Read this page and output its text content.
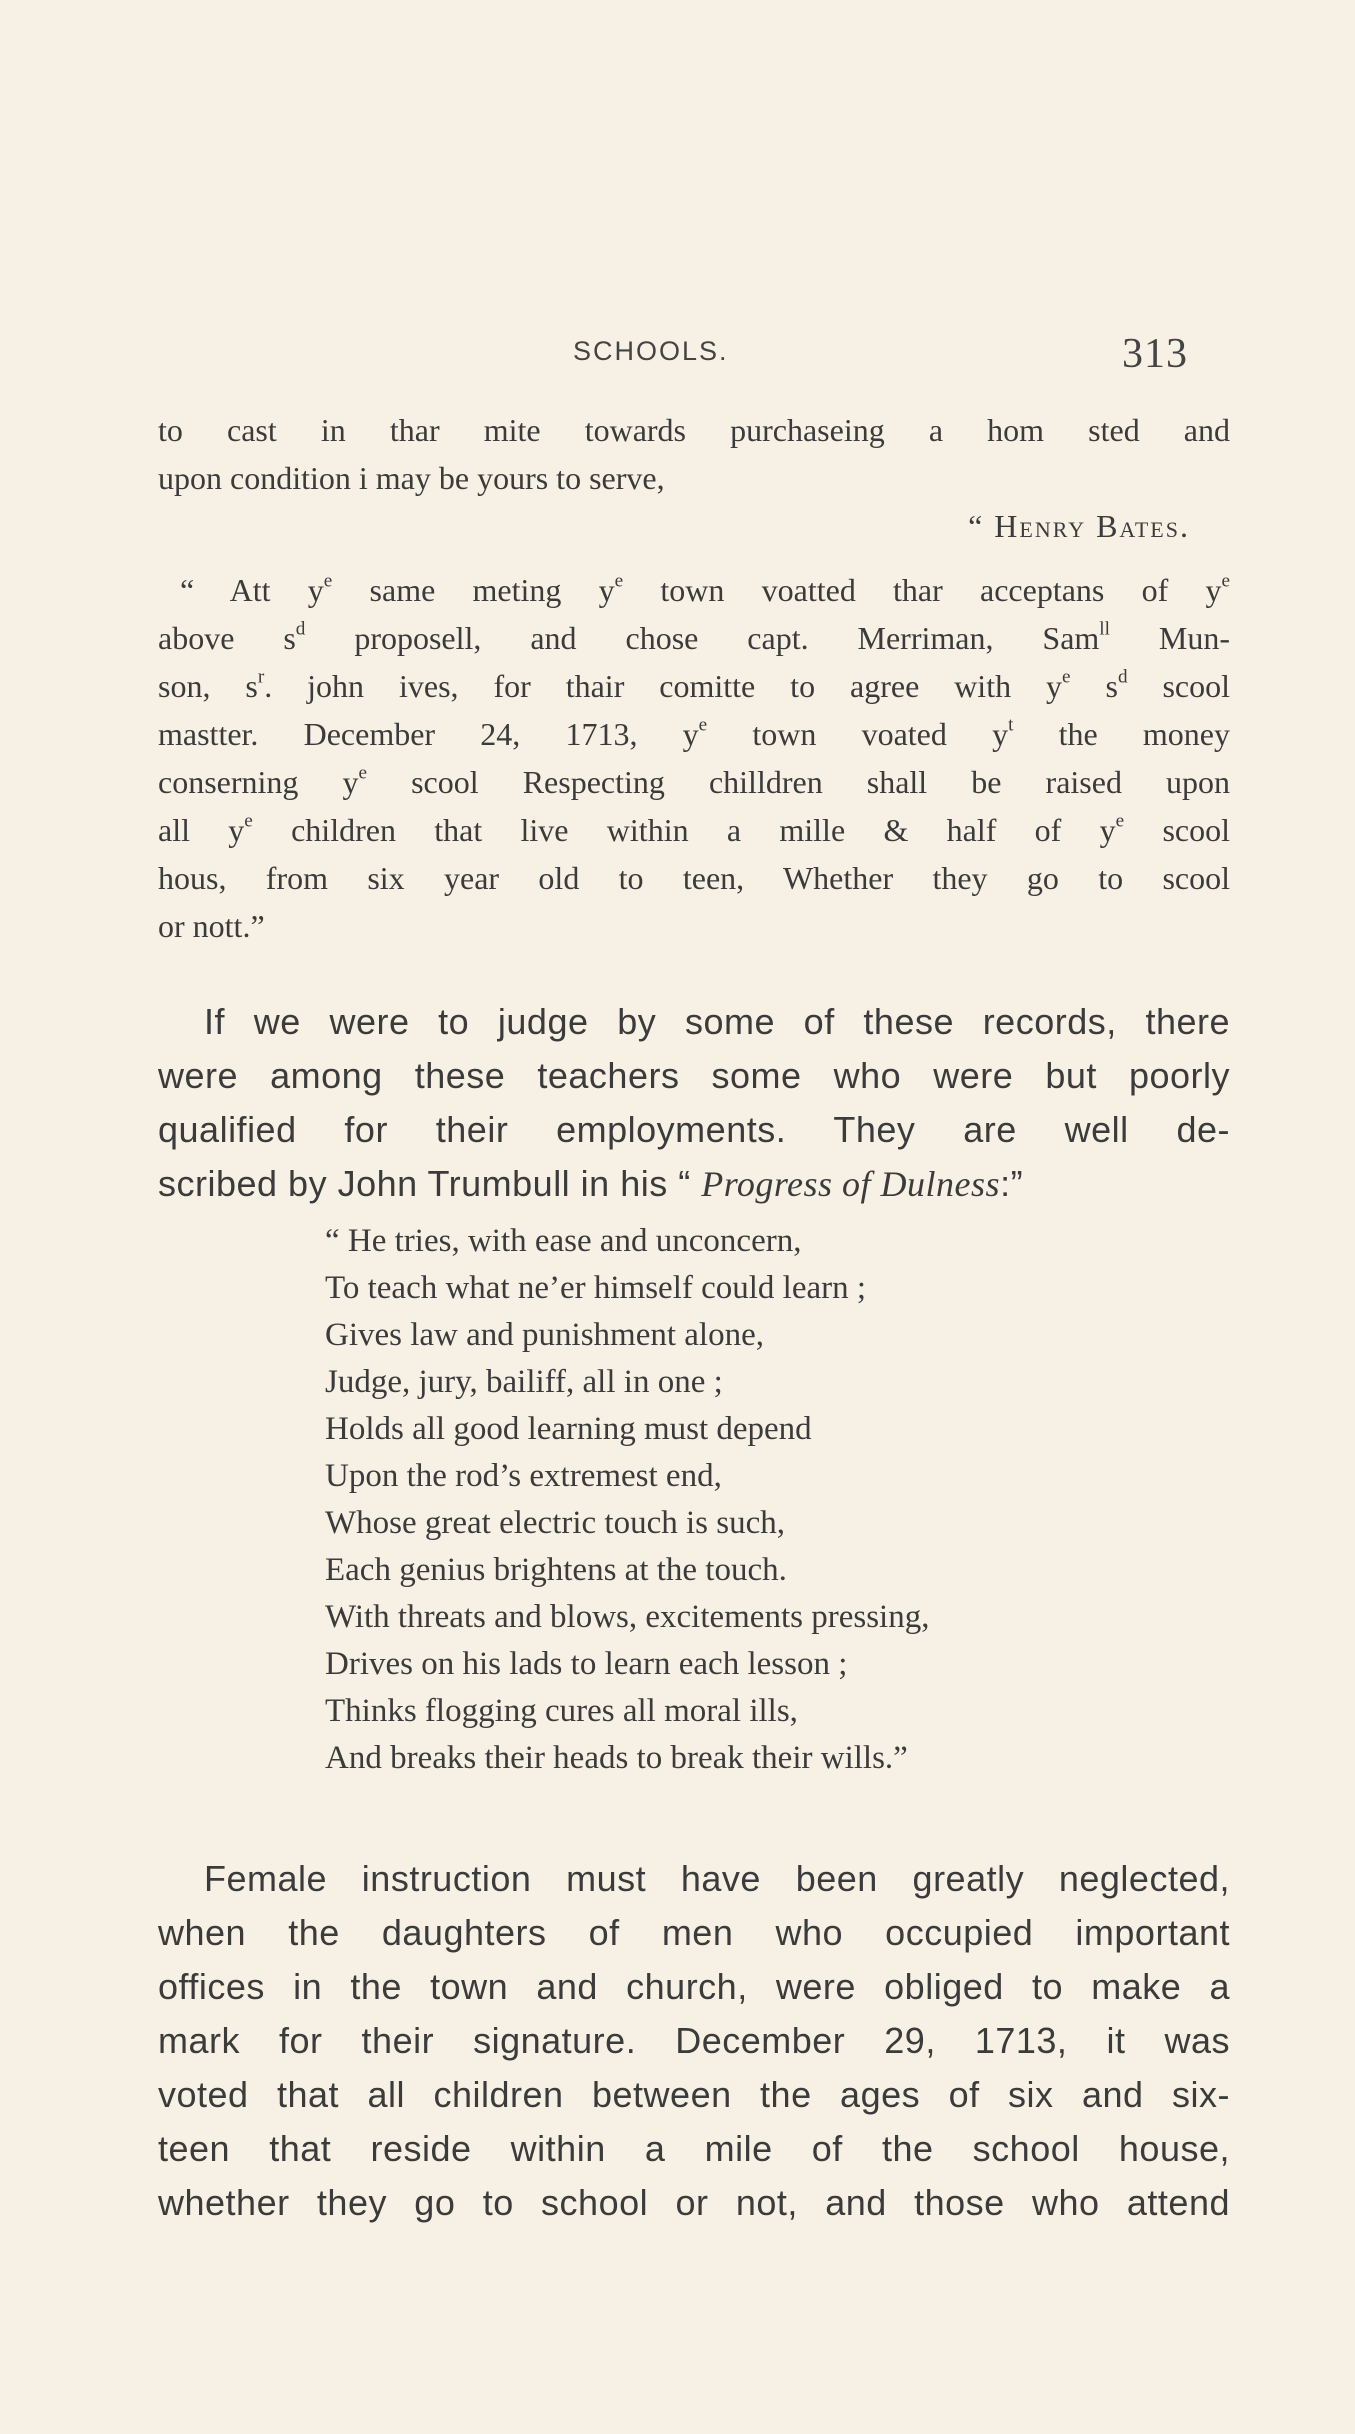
SCHOOLS.	313
to cast in thar mite towards purchaseing a hom sted and
upon condition i may be yours to serve,
“ Henry Bates.
“ Att $y^e$ same meting $y^e$ town voatted thar acceptans of $y^e$
above $s^d$ proposell, and chose capt. Merriman, Sam$^{ll}$ Mun-
son, $s^r$. john ives, for thair comitte to agree with $y^e$ $s^d$ scool
mastter. December 24, 1713, $y^e$ town voated $y^t$ the money
conserning $y^e$ scool Respecting chilldren shall be raised upon
all $y^e$ children that live within a mille & half of $y^e$ scool
hous, from six year old to teen, Whether they go to scool
or nott.”
If we were to judge by some of these records, there
were among these teachers some who were but poorly
qualified for their employments. They are well de-
scribed by John Trumbull in his “ Progress of Dulness:”
“ He tries, with ease and unconcern,
To teach what ne’er himself could learn ;
Gives law and punishment alone,
Judge, jury, bailiff, all in one ;
Holds all good learning must depend
Upon the rod’s extremest end,
Whose great electric touch is such,
Each genius brightens at the touch.
With threats and blows, excitements pressing,
Drives on his lads to learn each lesson ;
Thinks flogging cures all moral ills,
And breaks their heads to break their wills.”
Female instruction must have been greatly neglected,
when the daughters of men who occupied important
offices in the town and church, were obliged to make a
mark for their signature. December 29, 1713, it was
voted that all children between the ages of six and six-
teen that reside within a mile of the school house,
whether they go to school or not, and those who attend
